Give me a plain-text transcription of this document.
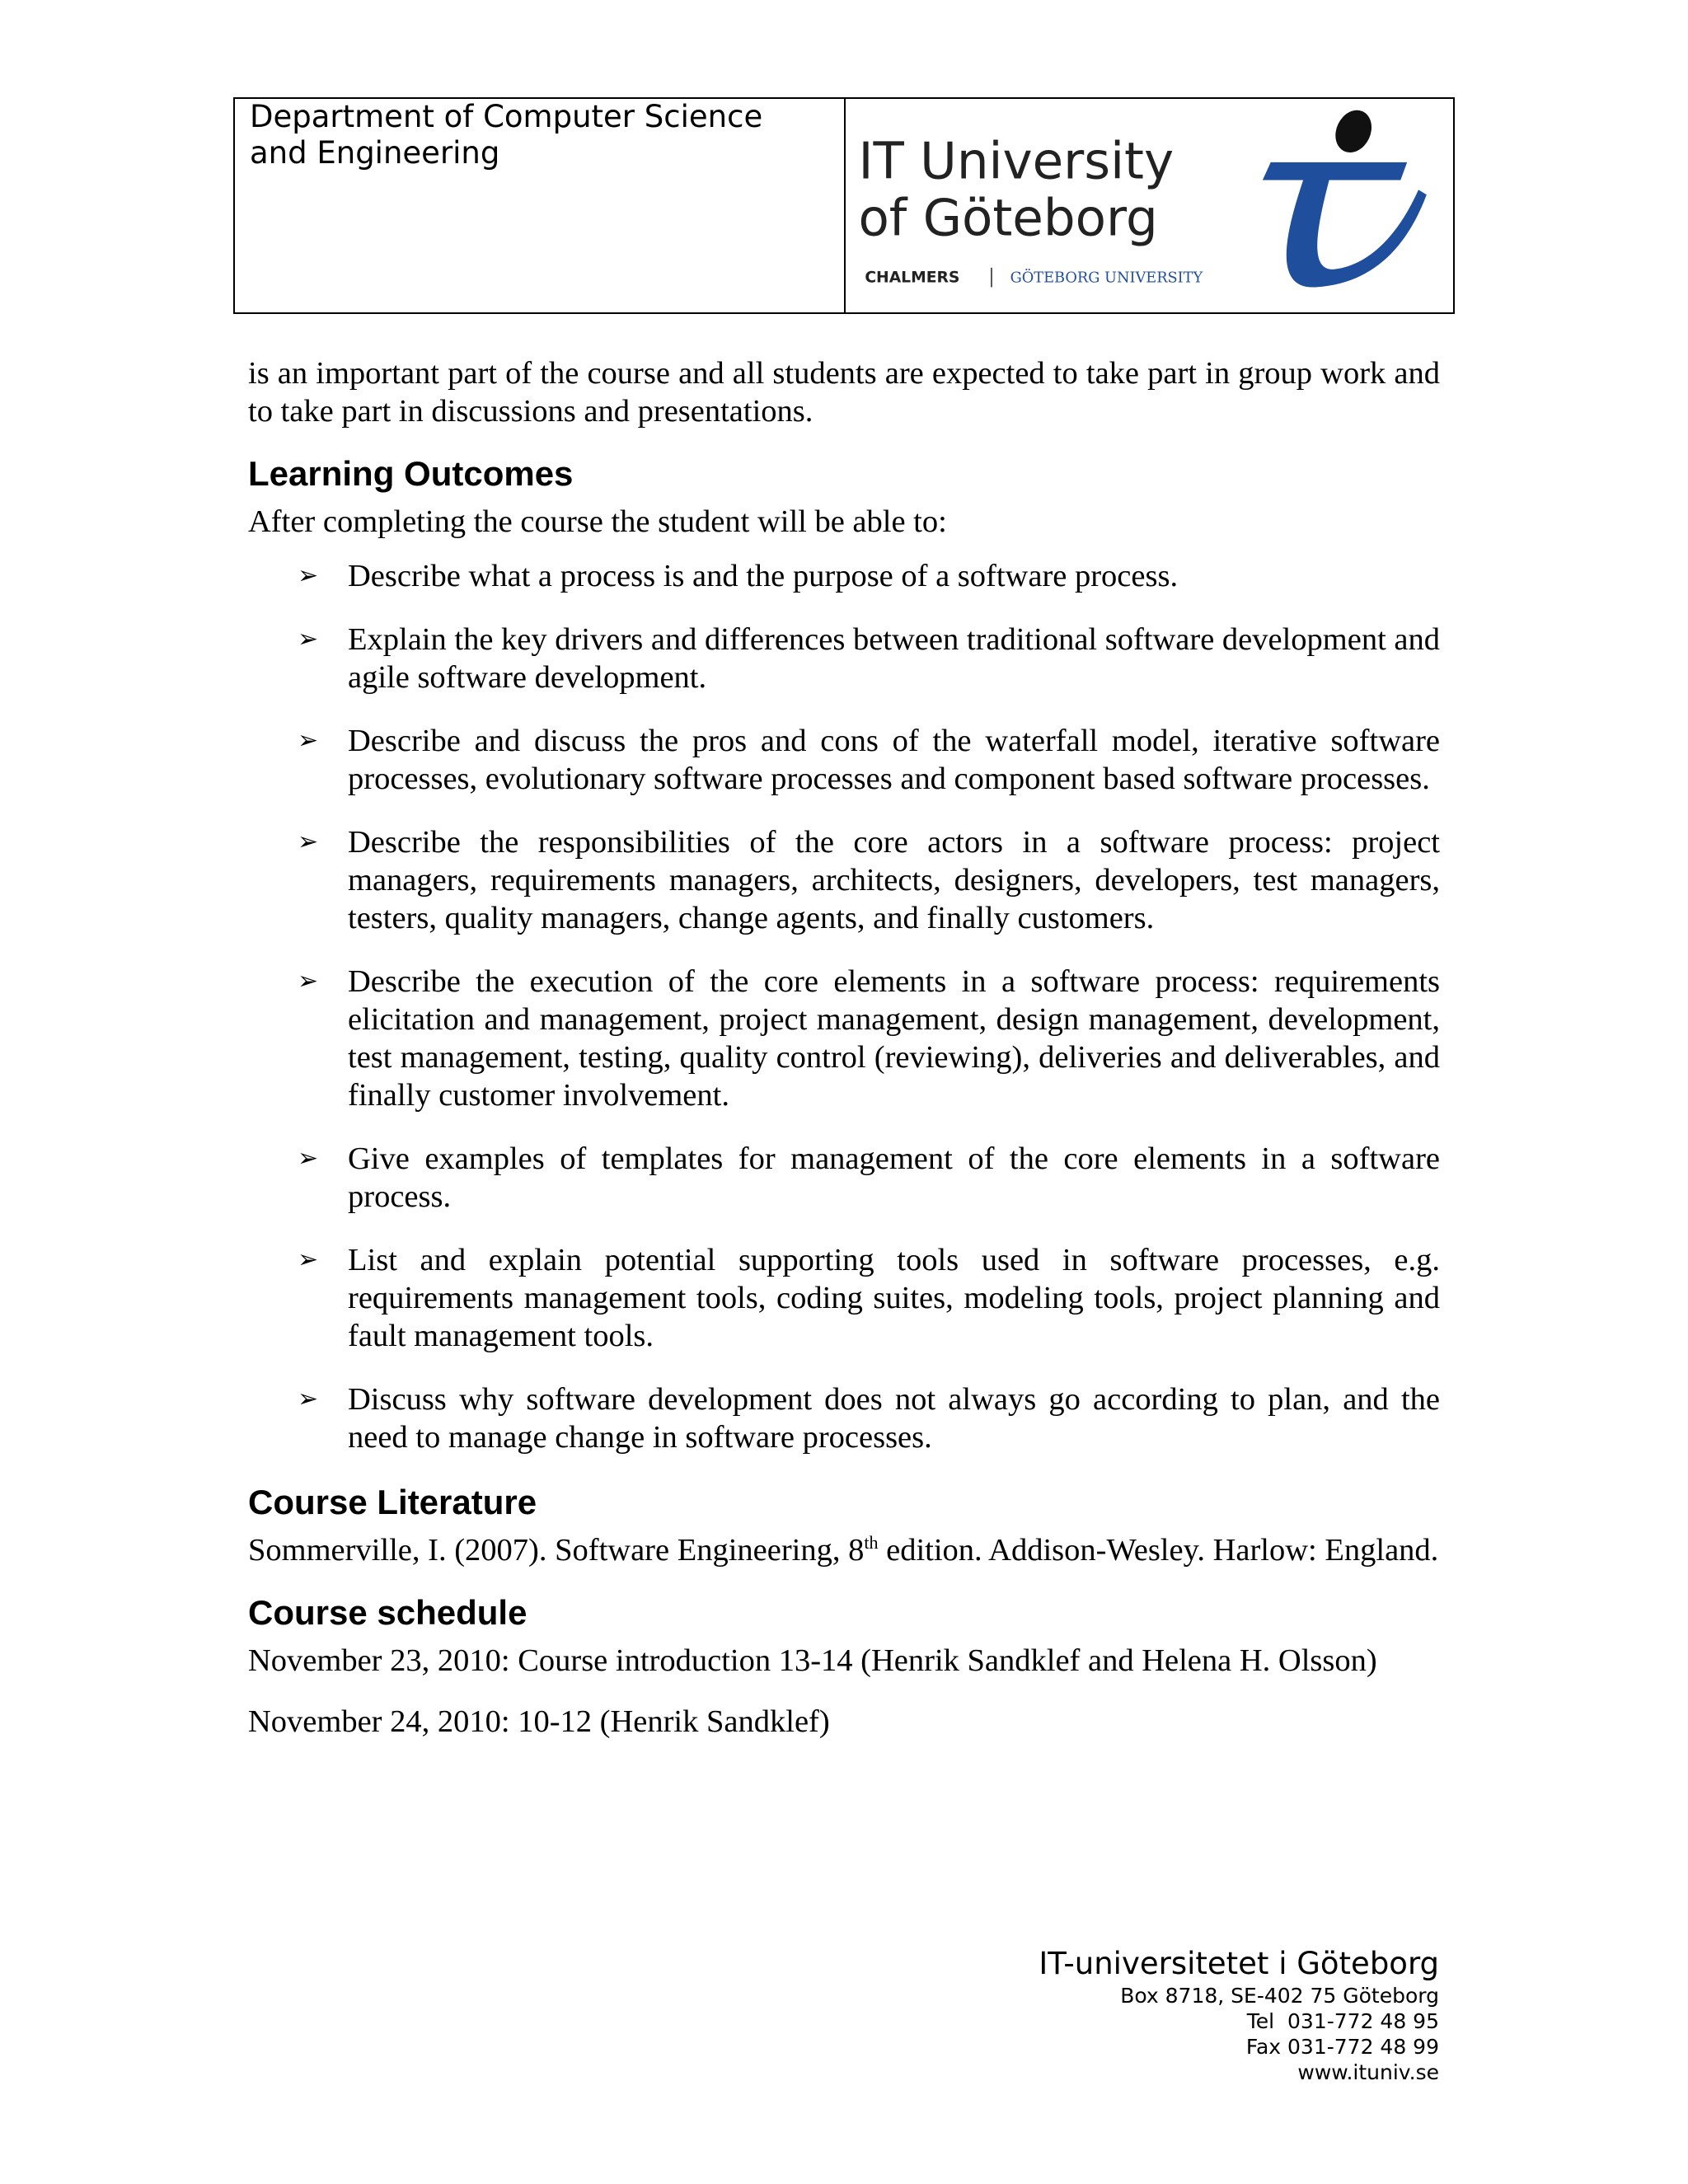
Department of Computer Science and Engineering	IT University
of Göteborg
CHALMERS	GÖTEBORG UNIVERSITY

is an important part of the course and all students are expected to take part in group work and to take part in discussions and presentations.

Learning Outcomes

After completing the course the student will be able to:

➢ Describe what a process is and the purpose of a software process.
➢ Explain the key drivers and differences between traditional software development and agile software development.
➢ Describe and discuss the pros and cons of the waterfall model, iterative software processes, evolutionary software processes and component based software processes.
➢ Describe the responsibilities of the core actors in a software process: project managers, requirements managers, architects, designers, developers, test managers, testers, quality managers, change agents, and finally customers.
➢ Describe the execution of the core elements in a software process: requirements elicitation and management, project management, design management, development, test management, testing, quality control (reviewing), deliveries and deliverables, and finally customer involvement.
➢ Give examples of templates for management of the core elements in a software process.
➢ List and explain potential supporting tools used in software processes, e.g. requirements management tools, coding suites, modeling tools, project planning and fault management tools.
➢ Discuss why software development does not always go according to plan, and the need to manage change in software processes.
Course Literature

Sommerville, I. (2007). Software Engineering, 8th edition. Addison-Wesley. Harlow: England.

Course schedule

November 23, 2010: Course introduction 13-14 (Henrik Sandklef and Helena H. Olsson)

November 24, 2010: 10-12 (Henrik Sandklef)

IT-universitetet i Göteborg
Box 8718, SE-402 75 Göteborg
Tel  031-772 48 95
Fax 031-772 48 99
www.ituniv.se
